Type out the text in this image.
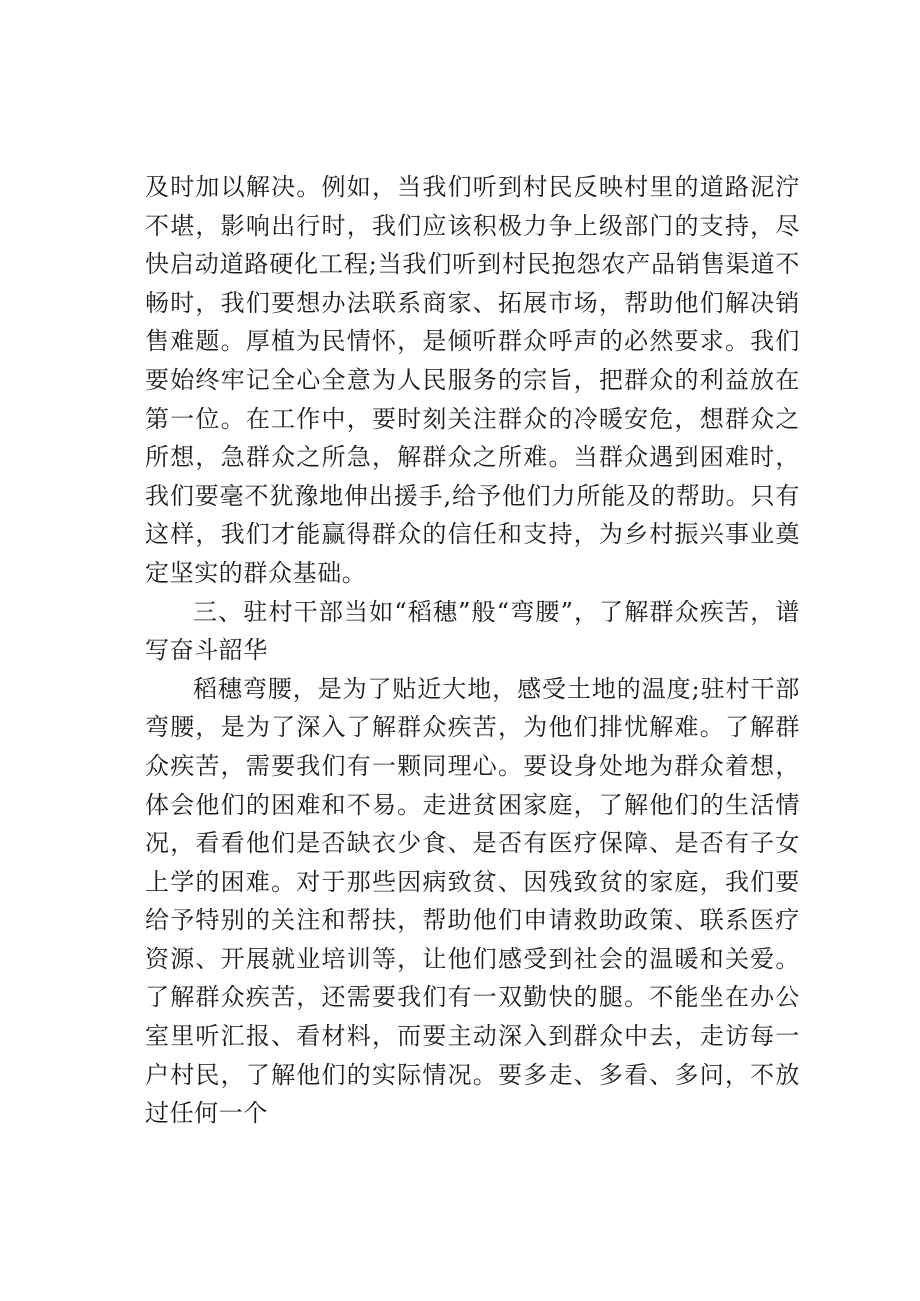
及时加以解决。例如，当我们听到村民反映村里的道路泥泞不堪，影响出行时，我们应该积极力争上级部门的支持，尽快启动道路硬化工程;当我们听到村民抱怨农产品销售渠道不畅时，我们要想办法联系商家、拓展市场，帮助他们解决销售难题。厚植为民情怀，是倾听群众呼声的必然要求。我们要始终牢记全心全意为人民服务的宗旨，把群众的利益放在第一位。在工作中，要时刻关注群众的冷暖安危，想群众之所想，急群众之所急，解群众之所难。当群众遇到困难时，我们要毫不犹豫地伸出援手,给予他们力所能及的帮助。只有这样，我们才能赢得群众的信任和支持，为乡村振兴事业奠定坚实的群众基础。

三、驻村干部当如“稻穗”般“弯腰”，了解群众疾苦，谱写奋斗韶华

稻穗弯腰，是为了贴近大地，感受土地的温度;驻村干部弯腰，是为了深入了解群众疾苦，为他们排忧解难。了解群众疾苦，需要我们有一颗同理心。要设身处地为群众着想，体会他们的困难和不易。走进贫困家庭，了解他们的生活情况，看看他们是否缺衣少食、是否有医疗保障、是否有子女上学的困难。对于那些因病致贫、因残致贫的家庭，我们要给予特别的关注和帮扶，帮助他们申请救助政策、联系医疗资源、开展就业培训等，让他们感受到社会的温暖和关爱。了解群众疾苦，还需要我们有一双勤快的腿。不能坐在办公室里听汇报、看材料，而要主动深入到群众中去，走访每一户村民，了解他们的实际情况。要多走、多看、多问，不放过任何一个
